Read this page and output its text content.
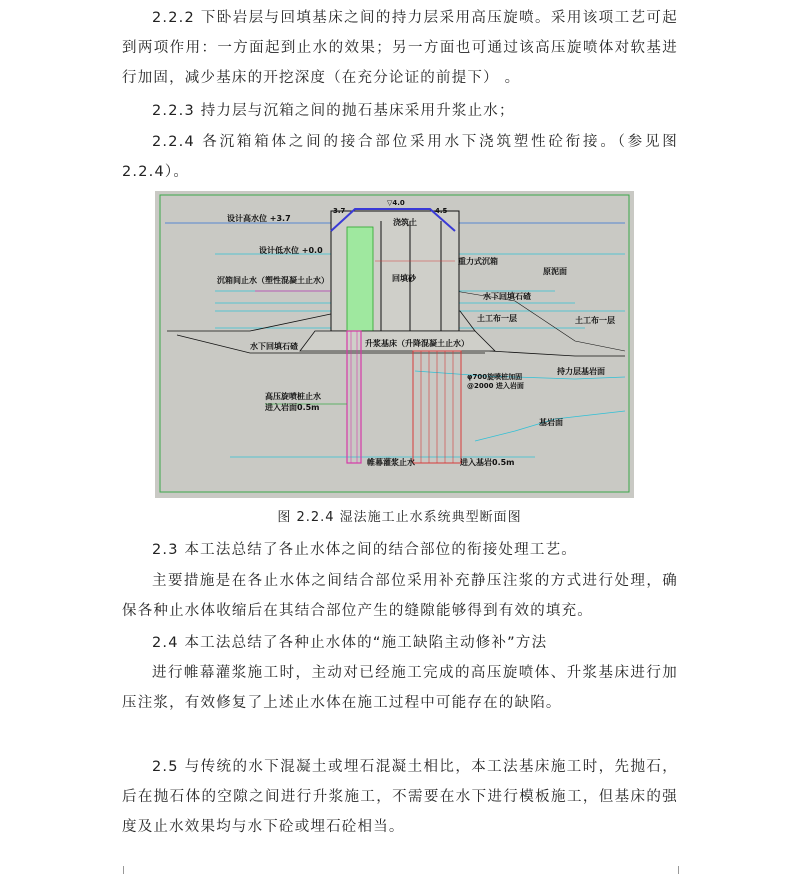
2.2.2 下卧岩层与回填基床之间的持力层采用高压旋喷。采用该项工艺可起到两项作用：一方面起到止水的效果；另一方面也可通过该高压旋喷体对软基进行加固，减少基床的开挖深度（在充分论证的前提下） 。

2.2.3 持力层与沉箱之间的抛石基床采用升浆止水；

2.2.4 各沉箱箱体之间的接合部位采用水下浇筑塑性砼衔接。（参见图2.2.4）。

设计高水位 +3.7
设计低水位 +0.0
沉箱间止水（塑性混凝土止水）
水下回填石碴
浇筑土
回填砂
重力式沉箱
原泥面
水下回填石碴
土工布一层	土工布一层
升浆基床（升降混凝土止水）
φ700旋喷桩加固
@2000 进入岩面
持力层基岩面
高压旋喷桩止水
进入岩面0.5m
基岩面
帷幕灌浆止水	进入基岩0.5m
▽4.0
3.7	4.5
图 2.2.4 湿法施工止水系统典型断面图

2.3 本工法总结了各止水体之间的结合部位的衔接处理工艺。

主要措施是在各止水体之间结合部位采用补充静压注浆的方式进行处理，确保各种止水体收缩后在其结合部位产生的缝隙能够得到有效的填充。

2.4 本工法总结了各种止水体的“施工缺陷主动修补”方法

进行帷幕灌浆施工时，主动对已经施工完成的高压旋喷体、升浆基床进行加压注浆，有效修复了上述止水体在施工过程中可能存在的缺陷。

2.5 与传统的水下混凝土或埋石混凝土相比，本工法基床施工时，先抛石，后在抛石体的空隙之间进行升浆施工，不需要在水下进行模板施工，但基床的强度及止水效果均与水下砼或埋石砼相当。
